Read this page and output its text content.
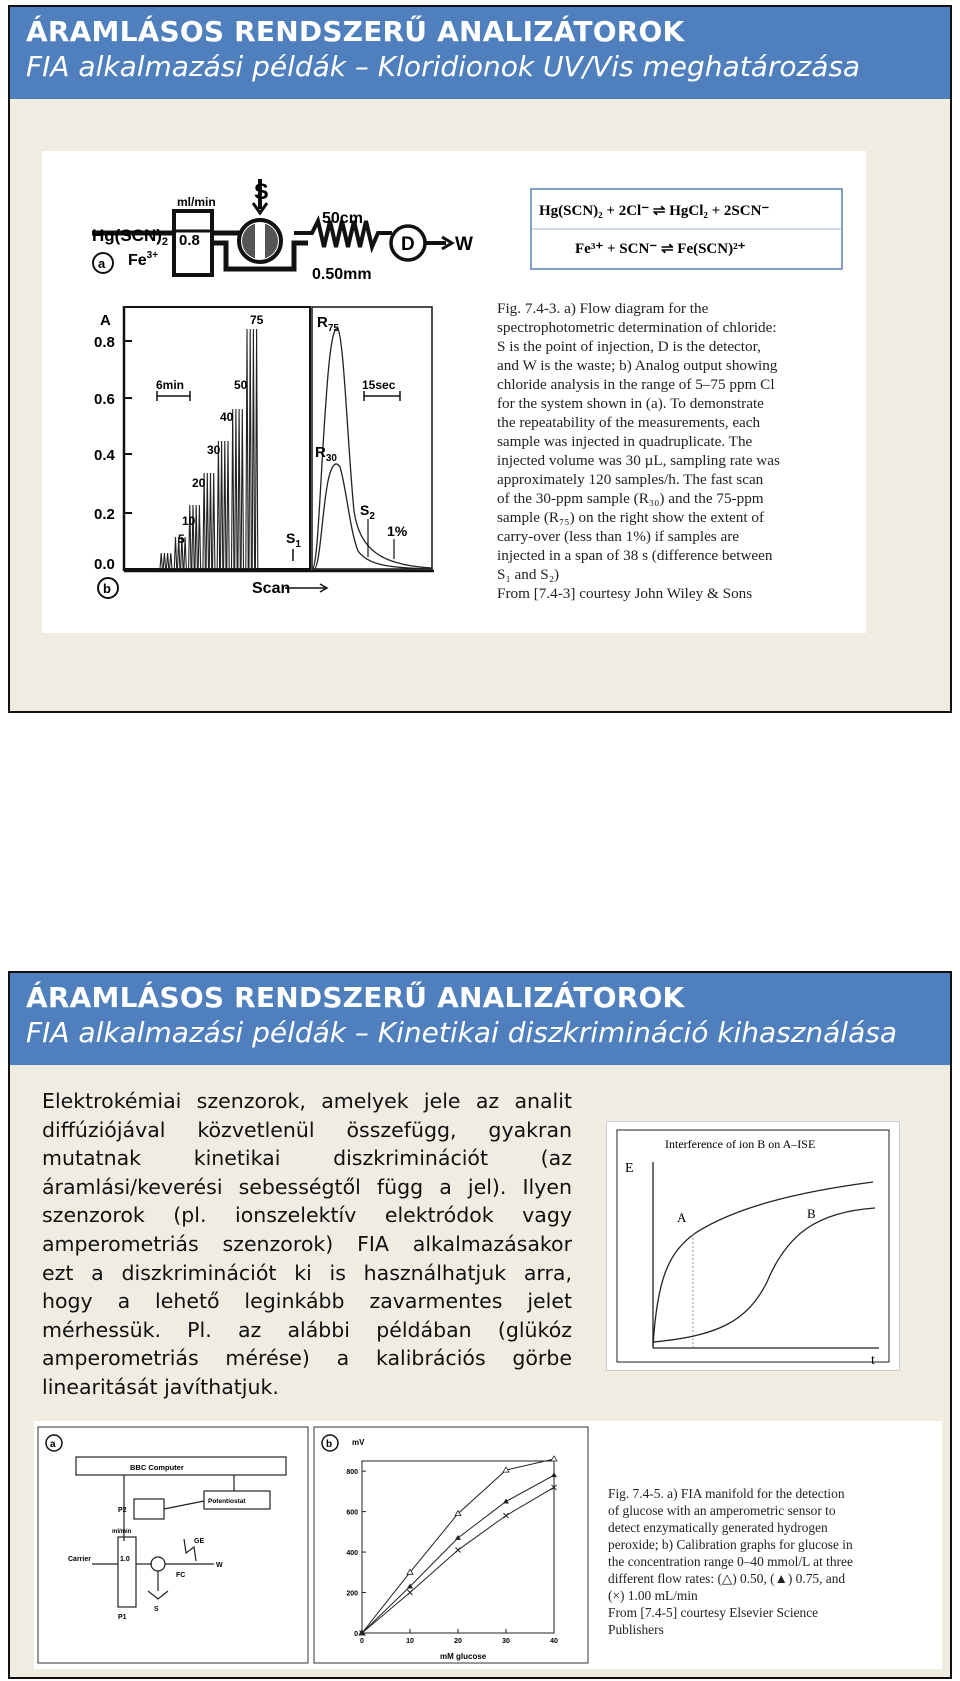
ÁRAMLÁSOS RENDSZERŰ ANALIZÁTOROK
FIA alkalmazási példák – Kloridionok UV/Vis meghatározása
ml/min
0.8
S
50cm
0.50mm
D W
$Hg(SCN)_2$
$Fe^{3+}$
a
Hg(SCN)₂ + 2Cl⁻ ⇌ HgCl₂ + 2SCN⁻
Fe³⁺ + SCN⁻ ⇌ Fe(SCN)²⁺
A
0.8
0.6
0.4
0.2
0.0
Scan
b
6min	15sec
5
10
20
30
40
50
75	$R_{75}$
$R_{30}$
$S_1$
$S_2$
1%
Fig. 7.4-3. a) Flow diagram for the
spectrophotometric determination of chloride:
S is the point of injection, D is the detector,
and W is the waste; b) Analog output showing
chloride analysis in the range of 5–75 ppm Cl
for the system shown in (a). To demonstrate
the repeatability of the measurements, each
sample was injected in quadruplicate. The
injected volume was 30 µL, sampling rate was
approximately 120 samples/h. The fast scan
of the 30-ppm sample (R₃₀) and the 75-ppm
sample (R₇₅) on the right show the extent of
carry-over (less than 1%) if samples are
injected in a span of 38 s (difference between
S₁ and S₂)
From [7.4-3] courtesy John Wiley & Sons
ÁRAMLÁSOS RENDSZERŰ ANALIZÁTOROK
FIA alkalmazási példák – Kinetikai diszkrimináció kihasználása
Elektrokémiai szenzorok, amelyek jele az analit
diffúziójával közvetlenül összefügg, gyakran
mutatnak kinetikai diszkriminációt (az
áramlási/keverési sebességtől függ a jel). Ilyen
szenzorok (pl. ionszelektív elektródok vagy
amperometriás szenzorok) FIA alkalmazásakor
ezt a diszkriminációt ki is használhatjuk arra,
hogy a lehető leginkább zavarmentes jelet
mérhessük. Pl. az alábbi példában (glükóz
amperometriás mérése) a kalibrációs görbe
linearitását javíthatjuk.
Interference of ion B on A–ISE
E
t
A	B
a
BBC Computer
P2
Potentiostat
ml/min
Carrier	1.0
GE
FC
W
P1
S
b
800
600
400
200
0
0	10	20	30	40
mV
mM glucose
Fig. 7.4-5. a) FIA manifold for the detection
of glucose with an amperometric sensor to
detect enzymatically generated hydrogen
peroxide; b) Calibration graphs for glucose in
the concentration range 0–40 mmol/L at three
different flow rates: (△) 0.50, (▲) 0.75, and
(×) 1.00 mL/min
From [7.4-5] courtesy Elsevier Science
Publishers
